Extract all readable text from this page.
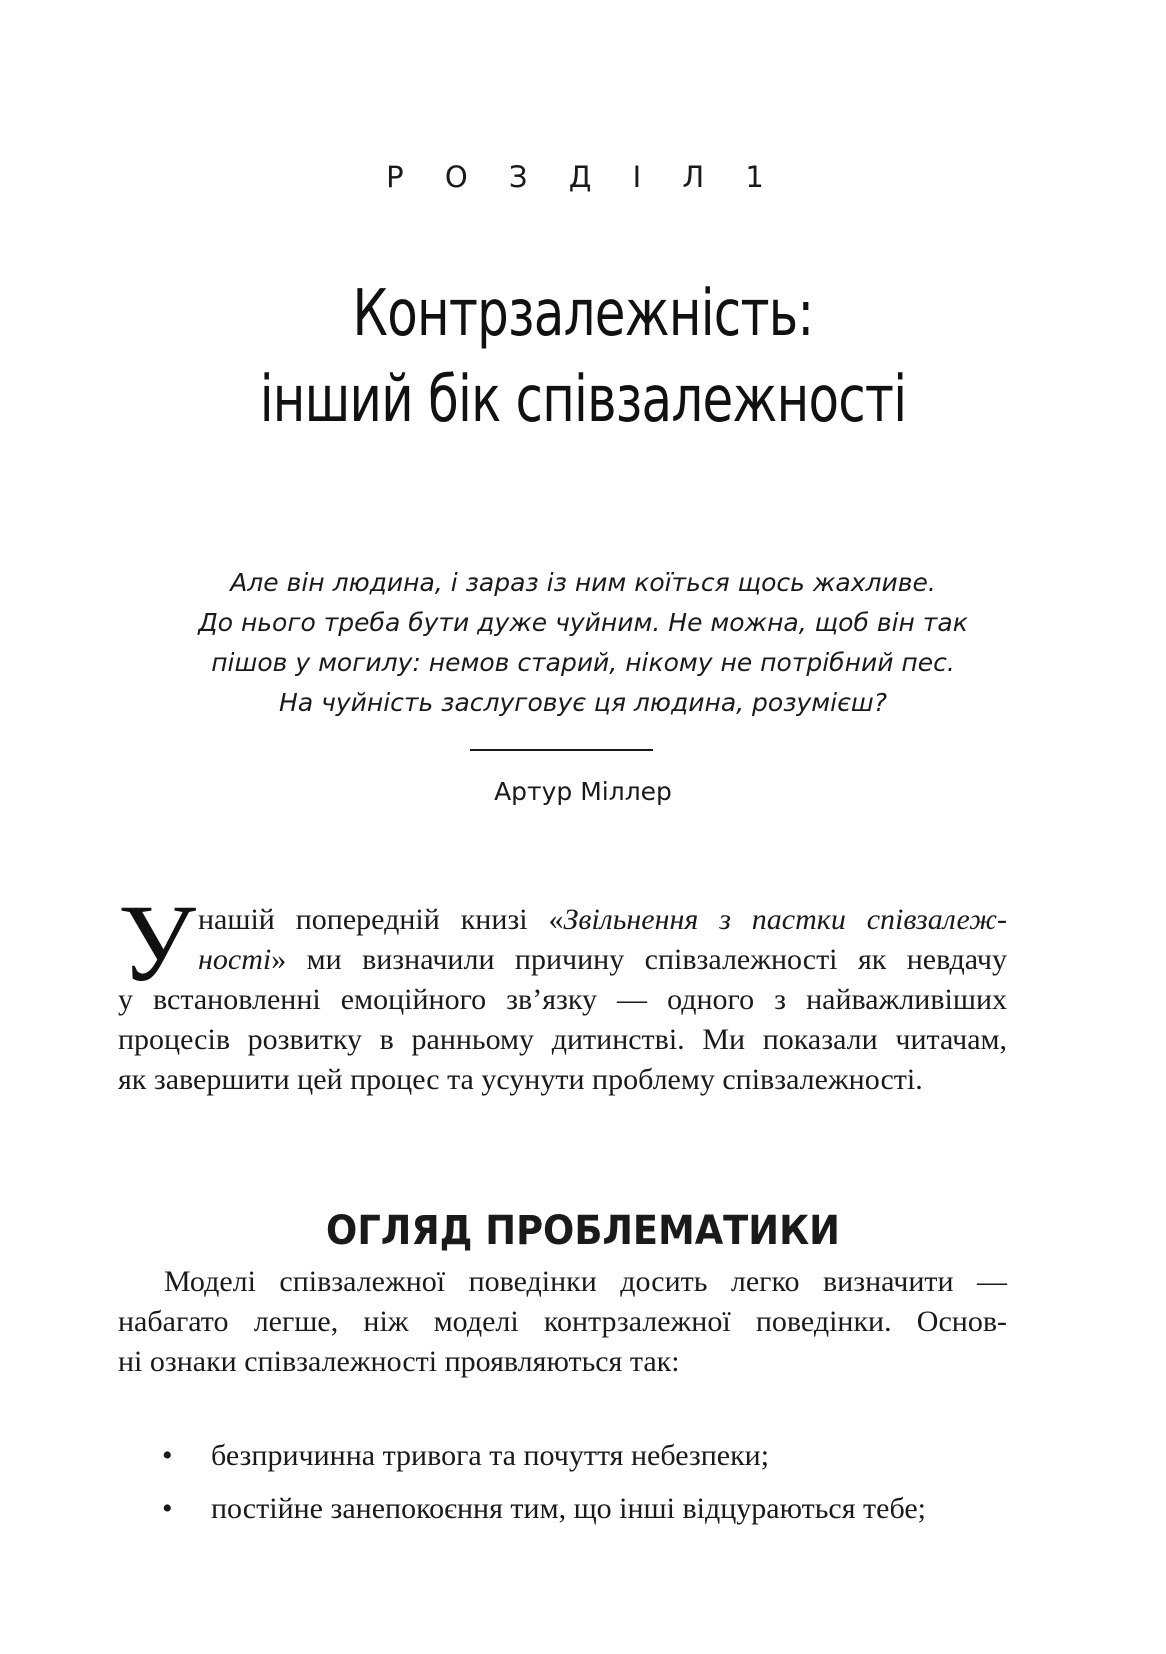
Р О З Д І Л 1
Контрзалежність:
інший бік співзалежності
Але він людина, і зараз із ним коїться щось жахливе.
До нього треба бути дуже чуйним. Не можна, щоб він так
пішов у могилу: немов старий, нікому не потрібний пес.
На чуйність заслуговує ця людина, розумієш?
Артур Міллер
У нашій попередній книзі «Звільнення з пастки співзалеж-
ності» ми визначили причину співзалежності як невдачу
у встановленні емоційного зв’язку — одного з найважливіших
процесів розвитку в ранньому дитинстві. Ми показали читачам,
як завершити цей процес та усунути проблему співзалежності.
ОГЛЯД ПРОБЛЕМАТИКИ
Моделі співзалежної поведінки досить легко визначити —
набагато легше, ніж моделі контрзалежної поведінки. Основ-
ні ознаки співзалежності проявляються так:
• безпричинна тривога та почуття небезпеки;
• постійне занепокоєння тим, що інші відцураються тебе;
